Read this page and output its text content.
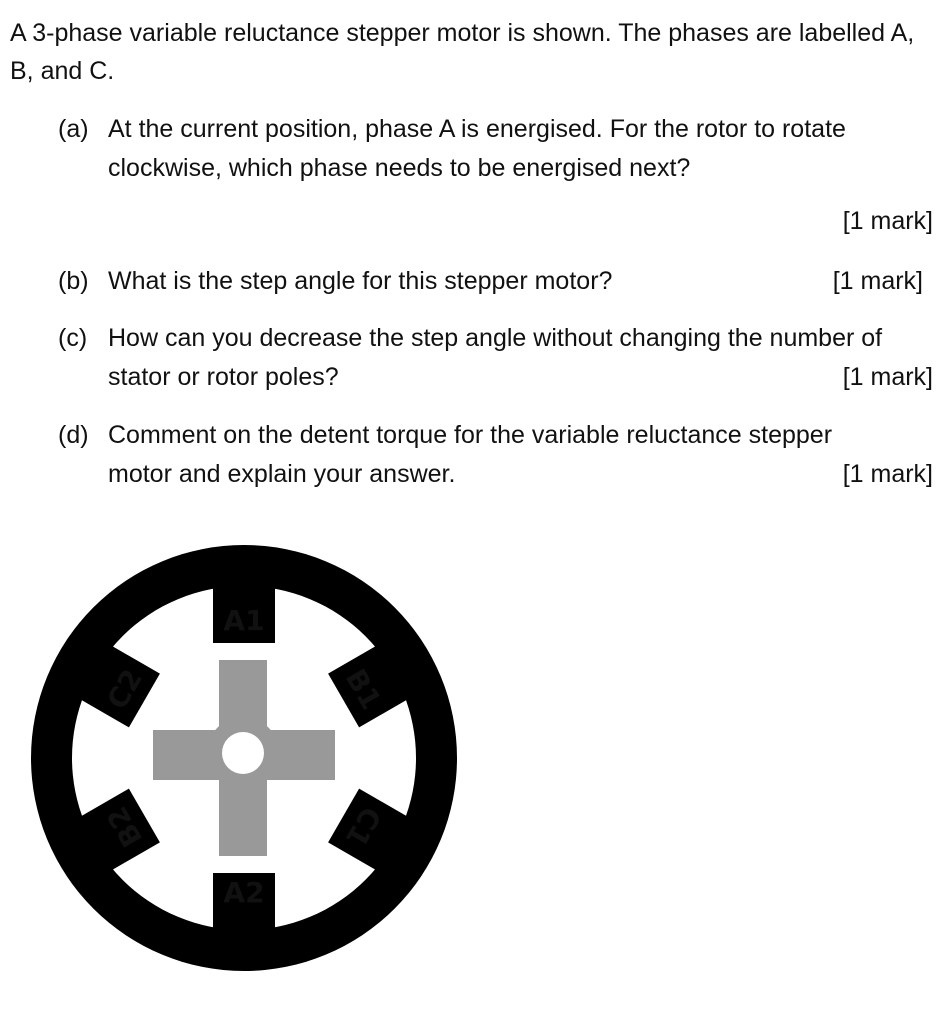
A 3-phase variable reluctance stepper motor is shown. The phases are labelled A, B, and C.

(a) At the current position, phase A is energised. For the rotor to rotate clockwise, which phase needs to be energised next?
[1 mark]
(b) What is the step angle for this stepper motor?	[1 mark]
(c) How can you decrease the step angle without changing the number of stator or rotor poles?	[1 mark]
(d) Comment on the detent torque for the variable reluctance stepper motor and explain your answer.	[1 mark]
A1
A2
B1
C1
B2
C2
